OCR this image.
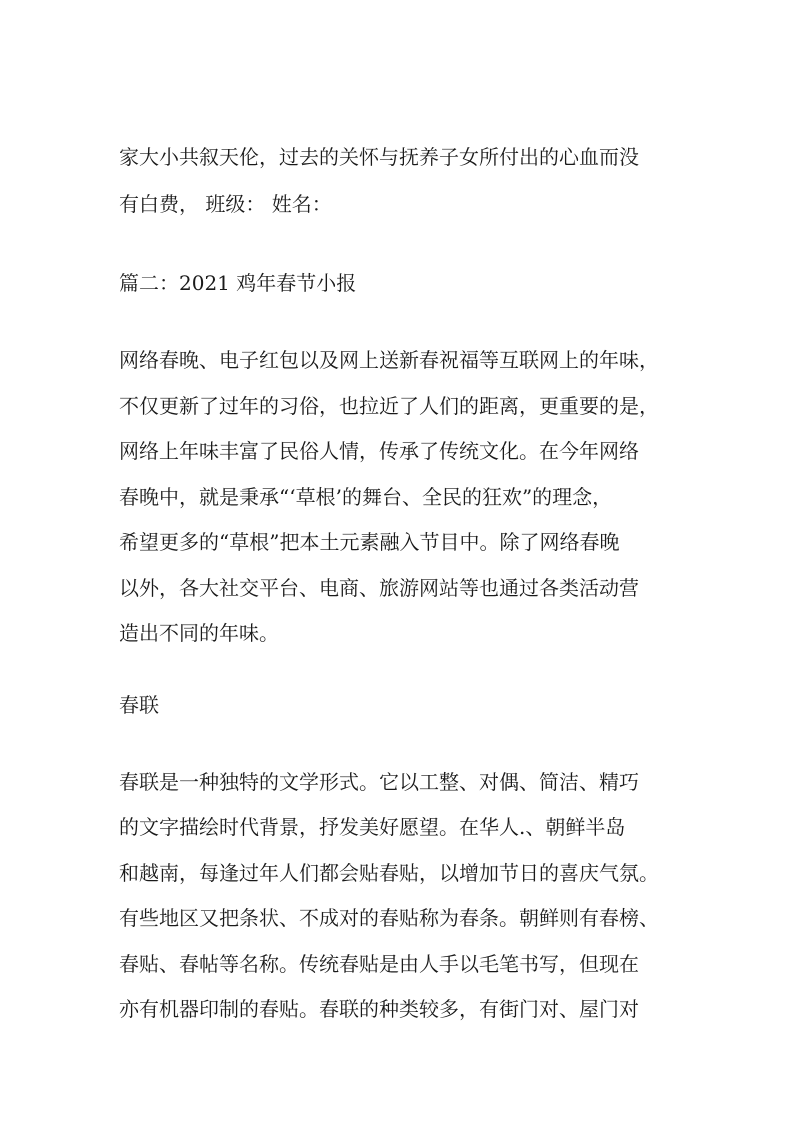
家大小共叙天伦，过去的关怀与抚养子女所付出的心血而没
有白费， 班级： 姓名：
篇二：2021 鸡年春节小报
网络春晚、电子红包以及网上送新春祝福等互联网上的年味，
不仅更新了过年的习俗，也拉近了人们的距离，更重要的是，
网络上年味丰富了民俗人情，传承了传统文化。在今年网络
春晚中，就是秉承“‘草根’的舞台、全民的狂欢”的理念，
希望更多的“草根”把本土元素融入节目中。除了网络春晚
以外，各大社交平台、电商、旅游网站等也通过各类活动营
造出不同的年味。
春联
春联是一种独特的文学形式。它以工整、对偶、简洁、精巧
的文字描绘时代背景，抒发美好愿望。在华人.、朝鲜半岛
和越南，每逢过年人们都会贴春贴，以增加节日的喜庆气氛。
有些地区又把条状、不成对的春贴称为春条。朝鲜则有春榜、
春贴、春帖等名称。传统春贴是由人手以毛笔书写，但现在
亦有机器印制的春贴。春联的种类较多，有街门对、屋门对
